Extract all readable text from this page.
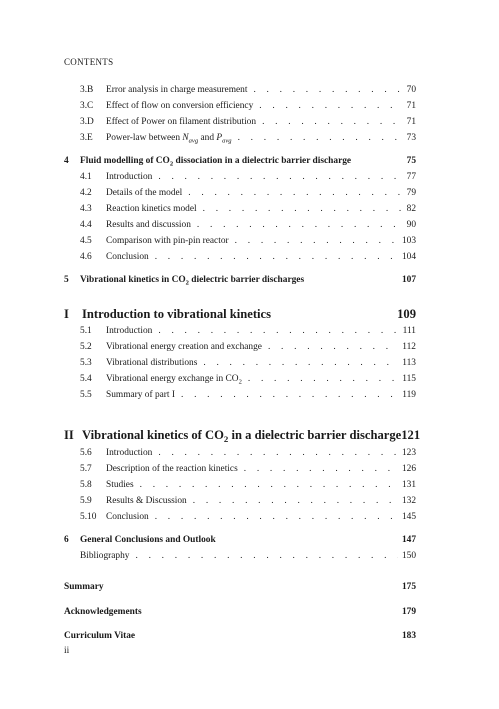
CONTENTS
3.B	Error analysis in charge measurement . . .	70
3.C	Effect of flow on conversion efficiency . . .	71
3.D	Effect of Power on filament distribution . . .	71
3.E	Power-law between $N_{avg}$ and $P_{avg}$ . . .	73
4	Fluid modelling of $CO_2$ dissociation in a dielectric barrier discharge	75
4.1	Introduction . . .	77
4.2	Details of the model . . .	79
4.3	Reaction kinetics model . . .	82
4.4	Results and discussion . . .	90
4.5	Comparison with pin-pin reactor . . .	103
4.6	Conclusion . . .	104
5	Vibrational kinetics in $CO_2$ dielectric barrier discharges	107
I	Introduction to vibrational kinetics	109
5.1	Introduction . . .	111
5.2	Vibrational energy creation and exchange . . .	112
5.3	Vibrational distributions . . .	113
5.4	Vibrational energy exchange in $CO_2$ . . .	115
5.5	Summary of part I . . .	119
II Vibrational kinetics of $CO_2$ in a dielectric barrier discharge 121
5.6	Introduction . . .	123
5.7	Description of the reaction kinetics . . .	126
5.8	Studies . . .	131
5.9	Results & Discussion . . .	132
5.10	Conclusion . . .	145
6	General Conclusions and Outlook	147
Bibliography . . .	150
Summary	175
Acknowledgements	179
Curriculum Vitae	183
ii
